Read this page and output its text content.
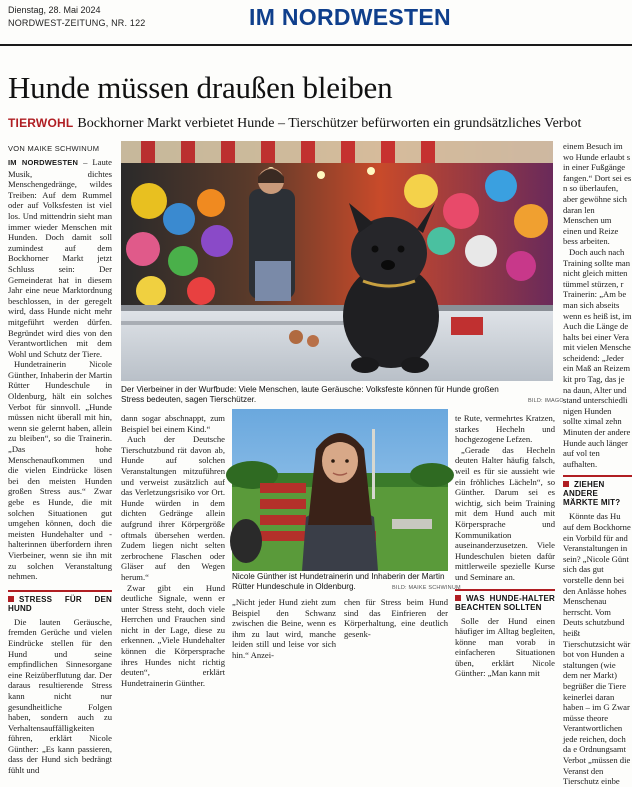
Dienstag, 28. Mai 2024
NORDWEST-ZEITUNG, NR. 122	IM NORDWESTEN
Hunde müssen draußen bleiben
TIERWOHL Bockhorner Markt verbietet Hunde – Tierschützer befürworten ein grundsätzliches Verbot
VON MAIKE SCHWINUM

IM NORDWESTEN – Laute Musik, dichtes Menschengedränge, wildes Treiben: Auf dem Rummel oder auf Volksfesten ist viel los. Und mittendrin sieht man immer wieder Menschen mit Hunden. Doch damit soll zumindest auf dem Bockhorner Markt jetzt Schluss sein: Der Gemeinderat hat in diesem Jahr eine neue Marktordnung beschlossen, in der geregelt wird, dass Hunde nicht mehr mitgeführt werden dürfen. Begründet wird dies von den Verantwortlichen mit dem Wohl und Schutz der Tiere.

Hundetrainerin Nicole Günther, Inhaberin der Martin Rütter Hundeschule in Oldenburg, hält ein solches Verbot für sinnvoll. „Hunde müssen nicht überall mit hin, wenn sie gelernt haben, allein zu bleiben“, so die Trainerin. „Das hohe Menschenaufkommen und die vielen Eindrücke lösen bei den meisten Hunden großen Stress aus.“ Zwar gebe es Hunde, die mit solchen Situationen gut umgehen können, doch die meisten Hundehalter und -halterinnen überfordern ihren Vierbeiner, wenn sie ihn mit zu solchen Veranstaltung nehmen.

STRESS FÜR DEN HUND

Die lauten Geräusche, fremden Gerüche und vielen Eindrücke stellen für den Hund und seine empfindlichen Sinnesorgane eine Reizüberflutung dar. Der daraus resultierende Stress kann nicht nur gesundheitliche Folgen haben, sondern auch zu Verhaltensauffälligkeiten führen, erklärt Nicole Günther: „Es kann passieren, dass der Hund sich bedrängt fühlt und

Der Vierbeiner in der Wurfbude: Viele Menschen, laute Geräusche: Volksfeste können für Hunde großen Stress bedeuten, sagen Tierschützer.	BILD: IMAGO

dann sogar abschnappt, zum Beispiel bei einem Kind.“

Auch der Deutsche Tierschutzbund rät davon ab, Hunde auf solchen Veranstaltungen mitzuführen und verweist zusätzlich auf das Verletzungsrisiko vor Ort. Hunde würden in dem dichten Gedränge allein aufgrund ihrer Körpergröße oftmals übersehen werden. Zudem liegen nicht selten zerbrochene Flaschen oder Gläser auf den Wegen herum.“

Zwar gibt ein Hund deutliche Signale, wenn er unter Stress steht, doch viele Herrchen und Frauchen sind nicht in der Lage, diese zu erkennen. „Viele Hundehalter können die Körpersprache ihres Hundes nicht richtig deuten“, erklärt Hundetrainerin Günther.

Nicole Günther ist Hundetrainerin und Inhaberin der Martin Rütter Hundeschule in Oldenburg.	BILD: MAIKE SCHWINUM

„Nicht jeder Hund zieht zum Beispiel den Schwanz zwischen die Beine, wenn es ihm zu laut wird, manche leiden still und leise vor sich hin.“ Anzei-

chen für Stress beim Hund sind das Einfrieren der Körperhaltung, eine deutlich gesenk-

te Rute, vermehrtes Kratzen, starkes Hecheln und hochgezogene Lefzen.

„Gerade das Hecheln deuten Halter häufig falsch, weil es für sie aussieht wie ein fröhliches Lächeln“, so Günther. Darum sei es wichtig, sich beim Training mit dem Hund auch mit Körpersprache und Kommunikation auseinanderzusetzen. Viele Hundeschulen bieten dafür mittlerweile spezielle Kurse und Seminare an.

WAS HUNDE-HALTER BEACHTEN SOLLTEN

Solle der Hund einen häufiger im Alltag begleiten, könne man vorab in einfacheren Situationen üben, erklärt Nicole Günther: „Man kann mit

einem Besuch im wo Hunde erlaubt s in einer Fußgänge fangen.“ Dort sei es n so überlaufen, aber gewöhne sich daran len Menschen um einen und Reize bess arbeiten.

Doch auch nach Training sollte man nicht gleich mitten tümmel stürzen, r Trainerin: „Am be man sich abseits wenn es heiß ist, im Auch die Länge de halts bei einer Vera mit vielen Mensche scheidend: „Jeder ein Maß an Reizem kit pro Tag, das je na daun, Alter und stand unterschiedli nigen Hunden sollte ximal zehn Minuten der andere Hunde auch länger auf vol ten aufhalten.

ZIEHEN ANDERE MÄRKTE MIT?

Könnte das Hu auf dem Bockhorne ein Vorbild für and Veranstaltungen in sein? „Nicole Günt sich das gut vorstelle denn bei den Anlässe hohes Menschenau herrscht. Vom Deuts schutzbund heißt Tierschutzsicht wär bot von Hunden a staltungen (wie dem ner Markt) begrüßer die Tiere keinerlei daran haben – im G Zwar müsse theore Verantwortlichen jede reichen, doch da e Ordnungsamt Verbot „müssen die Veranst den Tierschutz einbe
